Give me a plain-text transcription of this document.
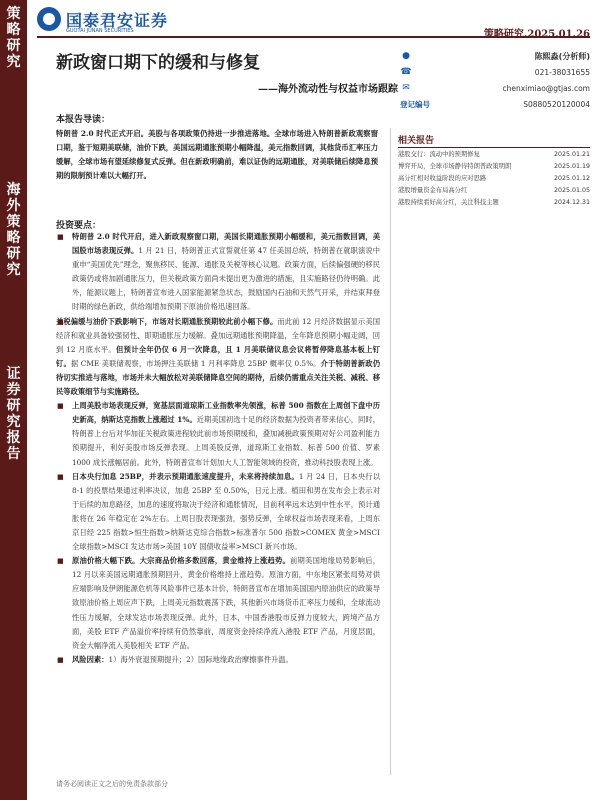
策
略
研
究
海
外
策
略
研
究
证
券
研
究
报
告
国泰君安证券
GUOTAI JUNAN SECURITIES	策略研究.2025.01.26
新政窗口期下的缓和与修复
——海外流动性与权益市场跟踪
●	陈熙淼(分析师)
☎	021-38031655
✉	chenximiao@gtjas.com
登记编号	S0880520120004
本报告导读：
特朗普 2.0 时代正式开启。美股与各项政策仍持进一步推进落地。全球市场进入特朗普新政观察窗口期，鉴于短期美联储，油价下跌，美国远期通胀预期小幅降温，美元指数回调，其他货币汇率压力缓解，全球市场有望延续修复式反弹。但在新政明确前，难以证伪的远期通胀，对美联储后续降息预期的限制预计难以大幅打开。
投资要点：
■ 特朗普 2.0 时代开启，进入新政观察窗口期，美国长期通胀预期小幅缓和，美元指数回调，美国股市场表现反弹。1 月 21 日，特朗普正式宣誓就任第 47 任美国总统，特朗普在就职演说中重申“美国优先”理念，聚焦移民、能源、通胀及关税等核心议题。政策方面，后续偏强硬的移民政策仍或将加剧通胀压力，但关税政策方面尚未提出更为激进的措施，且实施路径仍待明确。此外，能源议题上，特朗普宣布进入国家能源紧急状态，鼓励国内石油和天然气开采，并结束拜登时期的绿色新政，供给端增加预期下原油价格迅速回落。
■ 关税偏缓与油价下跌影响下，市场对长期通胀预期较此前小幅下修。而此前 12 月经济数据显示美国经济和就业具备较强韧性、即期通胀压力缓解。叠加远期通胀预期降温，全年降息预期小幅走阔，回到 12 月底水平。但预计全年仍仅 6 月一次降息，且 1 月美联储议息会议将暂停降息基本板上钉钉。据 CME 美联储观察，市场押注美联储 1 月利率降息 25BP 概率仅 0.5%。介于特朗普新政仍待切实推进与落地，市场并未大幅放松对美联储降息空间的期待，后续仍需重点关注关税、减税、移民等政策细节与实施路径。
■ 上周美股市场表现反弹，宽基层面道琼斯工业指数率先领涨，标普 500 指数在上周创下盘中历史新高，纳斯达克指数上涨超过 1%。近期美国初选十足的经济数据为投资者带来信心，同时，特朗普上台后对华加征关税政策进程较此前市场预期缓和，叠加减税政策预期对好公司盈利能力预期提升，利好美股市场反弹表现。上周美股反弹，道琼斯工业指数、标普 500 价值、罗素 1000 成长涨幅居前。此外，特朗普宣布计划加大人工智能领域的投资，推动科技股表现上涨。
■ 日本央行加息 25BP，并表示预期通胀速度提升，未来将持续加息。1 月 24 日，日本央行以 8-1 的投票结果通过利率决议，加息 25BP 至 0.50%，日元上涨。植田和男在发布会上表示对于后续的加息路径，加息的速度将取决于经济和通胀情况，目前利率远未达到中性水平，预计通胀将在 26 年稳定在 2%左右。上周日股表现强劲，强势反弹，全球权益市场表现来看，上周东京日经 225 指数>恒生指数>纳斯达克综合指数>标准普尔 500 指数>COMEX 黄金>MSCI 全球指数>MSCI 发达市场>美国 10Y 国债收益率>MSCI 新兴市场。
■ 原油价格大幅下跌。大宗商品价格多数回落，黄金维持上涨趋势。前期美国地缘局势影响后，12 月以来美国远期通胀预期回升，黄金价格维持上涨趋势。原油方面，中东地区紧张局势对供应端影响及伊朗能源危机等风险事件已基本计价，特朗普宣布在增加美国国内原油供应的政策导致原油价格上周应声下跌，上周美元指数震荡下跌，其他新兴市场货币汇率压力缓和，全球流动性压力缓解，全球发达市场表现反弹。此外，日本，中国香港股市反弹力度较大，跨境产品方面，美股 ETF 产品溢价率持续有仍然靠前，周度资金持续净流入港股 ETF 产品，月度层面，资金大幅净流入美股相关 ETF 产品。
■ 风险因素：1）海外衰退预期提升；2）国际地缘政治摩擦事件升温。
相关报告
港股交行：流动中的预期修复	2025.01.21
博弈开局，全球市场静待特朗普政策明朗	2025.01.19
高分红相对收益阶段的应对思路	2025.01.12
港股增量资金布局高分红	2025.01.05
港股持续看好高分红，关注科技主题	2024.12.31
请务必阅读正文之后的免责条款部分
